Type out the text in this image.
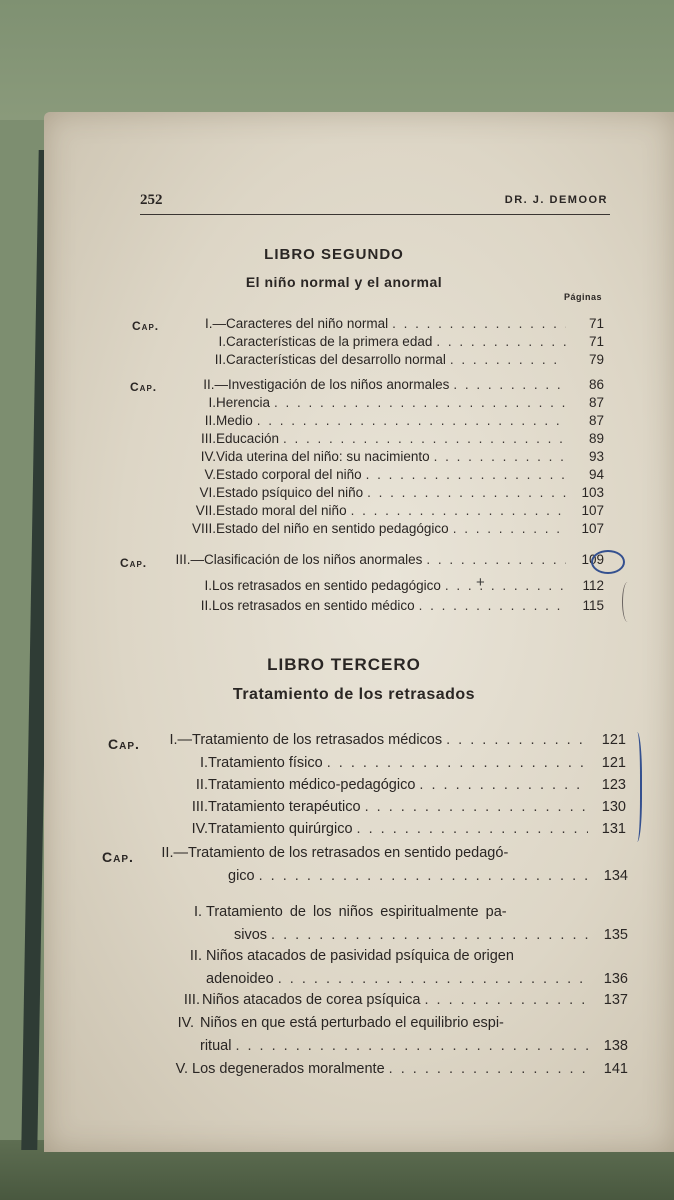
252	DR. J. DEMOOR
LIBRO SEGUNDO
El niño normal y el anormal
Páginas
Cap.	I.— Caracteres del niño normal . . .	71
I. Características de la primera edad . . .	71
II. Características del desarrollo normal . . .	79
Cap.	II.— Investigación de los niños anormales . . .	86
I. Herencia . . .	87
II. Medio . . .	87
III. Educación . . .	89
IV. Vida uterina del niño: su nacimiento . . .	93
V. Estado corporal del niño . . .	94
VI. Estado psíquico del niño . . .	103
VII. Estado moral del niño . . .	107
VIII. Estado del niño en sentido pedagógico . . .	107
Cap.	III.— Clasificación de los niños anormales . . .	109
I. Los retrasados en sentido pedagógico . . .	112
II. Los retrasados en sentido médico . . .	115
+
LIBRO TERCERO
Tratamiento de los retrasados
Cap.	I.— Tratamiento de los retrasados médicos . . .	121
I. Tratamiento físico . . .	121
II. Tratamiento médico-pedagógico . . .	123
III. Tratamiento terapéutico . . .	130
IV. Tratamiento quirúrgico . . .	131
Cap.	II.— Tratamiento de los retrasados en sentido pedagó-
gico . . .	134
I. Tratamiento de los niños espiritualmente pa-
sivos . . .	135
II. Niños atacados de pasividad psíquica de origen
adenoideo . . .	136
III. Niños atacados de corea psíquica . . .	137
IV. Niños en que está perturbado el equilibrio espi-
ritual . . .	138
V. Los degenerados moralmente . . .	141
